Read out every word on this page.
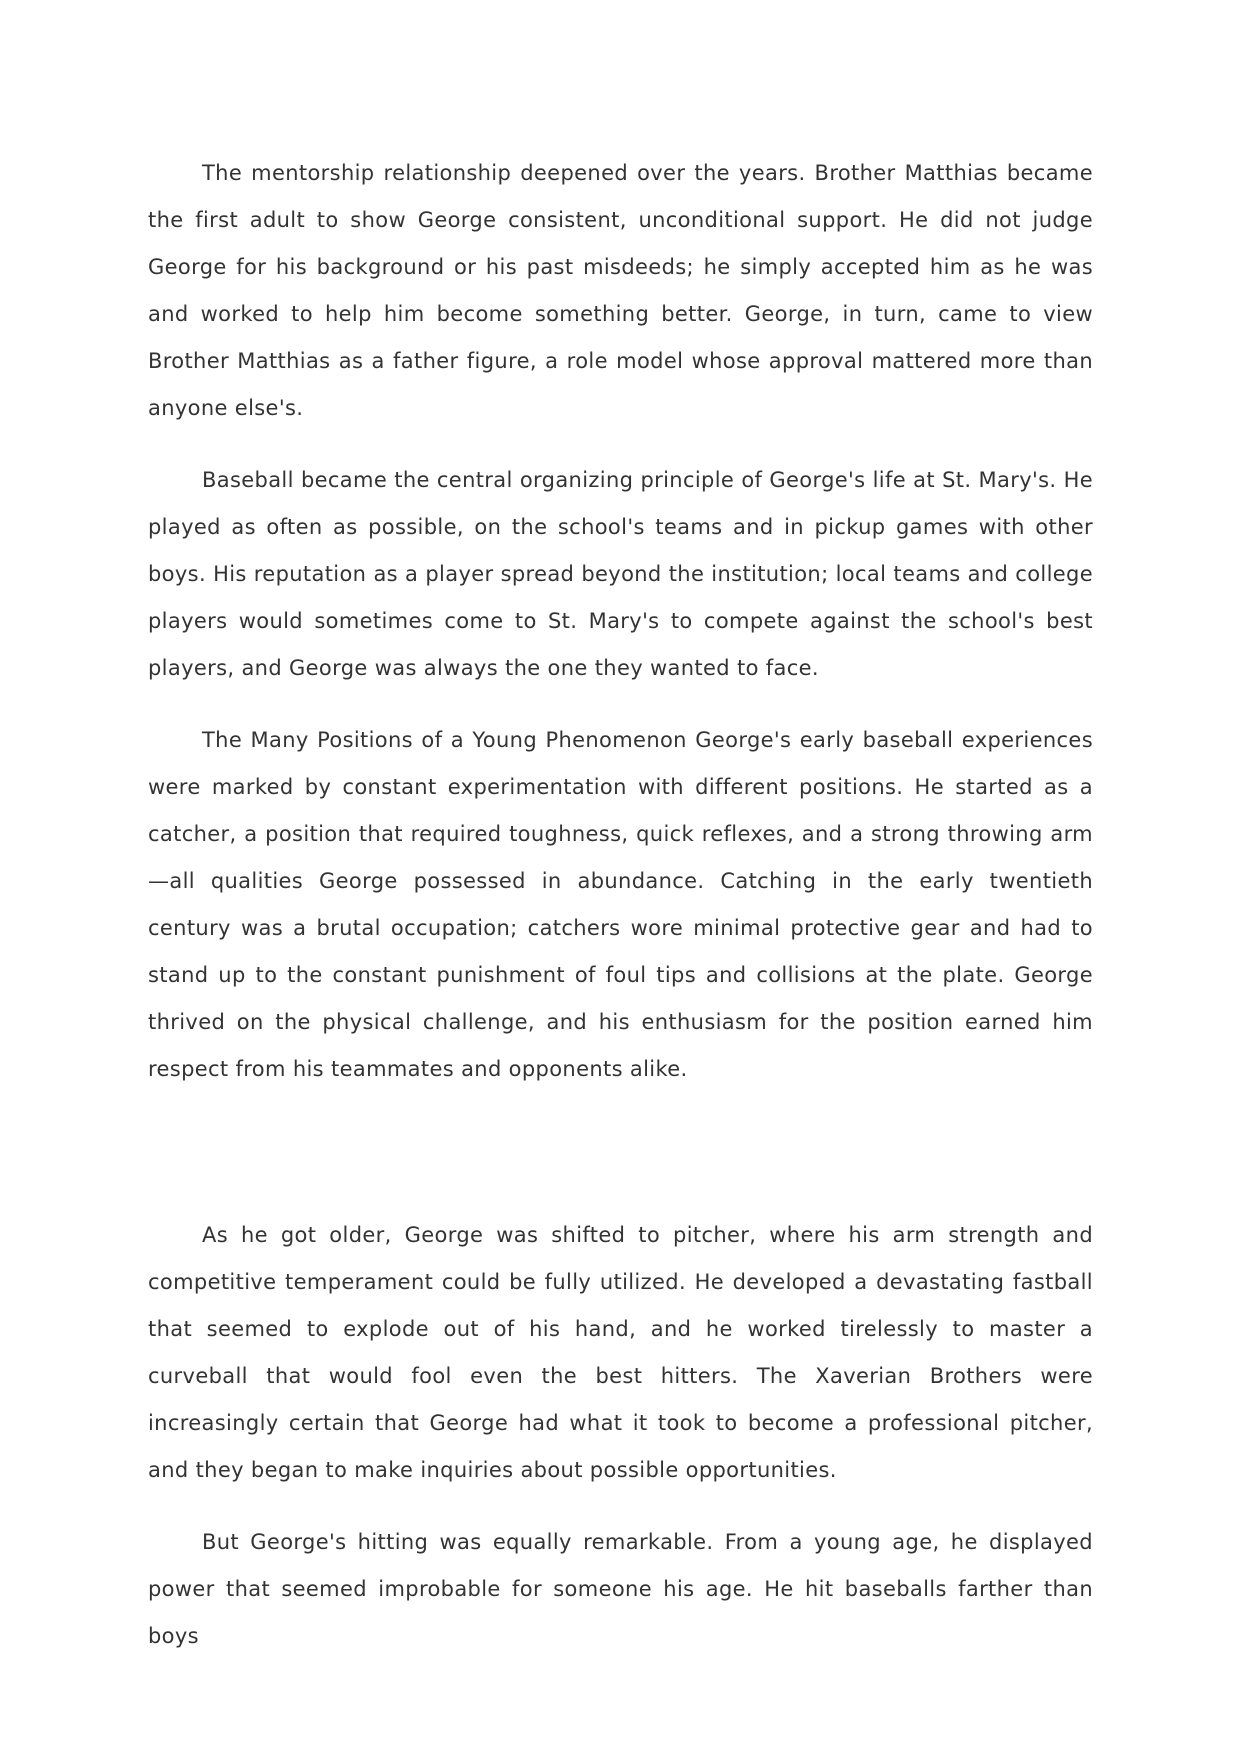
The mentorship relationship deepened over the years. Brother Matthias became the first adult to show George consistent, unconditional support. He did not judge George for his background or his past misdeeds; he simply accepted him as he was and worked to help him become something better. George, in turn, came to view Brother Matthias as a father figure, a role model whose approval mattered more than anyone else's.

Baseball became the central organizing principle of George's life at St. Mary's. He played as often as possible, on the school's teams and in pickup games with other boys. His reputation as a player spread beyond the institution; local teams and college players would sometimes come to St. Mary's to compete against the school's best players, and George was always the one they wanted to face.

The Many Positions of a Young Phenomenon George's early baseball experiences were marked by constant experimentation with different positions. He started as a catcher, a position that required toughness, quick reflexes, and a strong throwing arm—all qualities George possessed in abundance. Catching in the early twentieth century was a brutal occupation; catchers wore minimal protective gear and had to stand up to the constant punishment of foul tips and collisions at the plate. George thrived on the physical challenge, and his enthusiasm for the position earned him respect from his teammates and opponents alike.

As he got older, George was shifted to pitcher, where his arm strength and competitive temperament could be fully utilized. He developed a devastating fastball that seemed to explode out of his hand, and he worked tirelessly to master a curveball that would fool even the best hitters. The Xaverian Brothers were increasingly certain that George had what it took to become a professional pitcher, and they began to make inquiries about possible opportunities.

But George's hitting was equally remarkable. From a young age, he displayed power that seemed improbable for someone his age. He hit baseballs farther than boys
